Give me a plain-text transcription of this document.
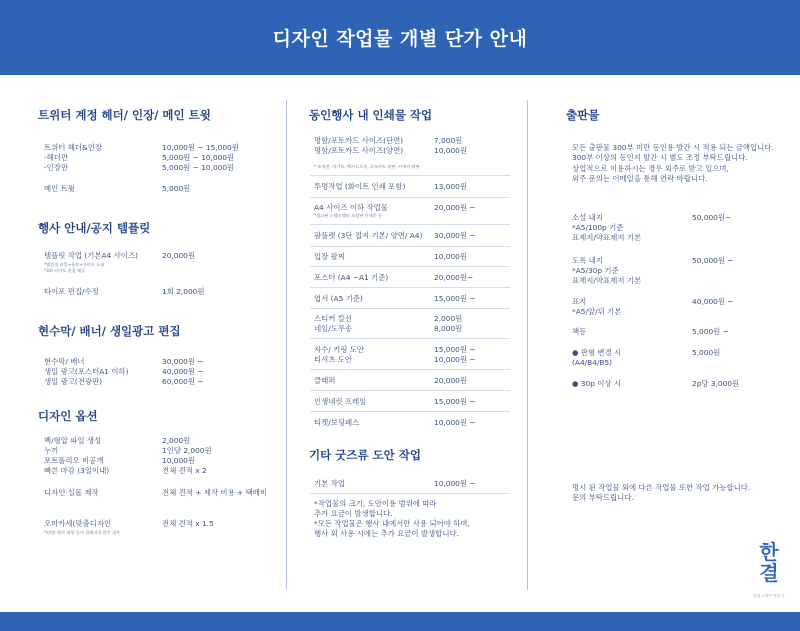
디자인 작업물 개별 단가 안내
트위터 계정 헤더/ 인장/ 메인 트윗
트위터 헤더&인장	10,000원 ~ 15,000원
-헤더만	5,000원 ~ 10,000원
-인장만	5,000원 ~ 10,000원
메인 트윗	5,000원
행사 안내/공지 템플릿
템플릿 작업 (기본A4 사이즈)	20,000원
*템플릿 파일+폰트+가이드 포함
*3회 타이포 편집 제공
타이포 편집/수정	1회 2,000원
현수막/ 배너/ 생일광고 편집
현수막/ 배너	30,000원 ~
생일 광고(포스터A1 이하)	40,000원 ~
생일 광고(전광판)	60,000원 ~
디자인 옵션
벡/형압 파일 생성	2,000원
누끼	1인당 2,000원
포트폴리오 비공개	10,000원
빠른 마감 (3일이내)	전체 견적 x 2
디자인 실물 제작	전체 견적 + 제작 비용 + 택배비
오마카세(맞춤디자인	전체 견적 x 1.5
*따악/ 행사 방향 등이 결해지지 않은 경우
동인행사 내 인쇄물 작업
명함/포토카드 사이즈(단면)	7,000원
명함/포토카드 사이즈(양면)	10,000원
* 조정권, 마기토, 백커드로우, 포토카드 팔판, 카세카 팔판
투명작업 (화이트 인쇄 포함)	13,000원
A4 사이즈 이하 작업물	20,000원 ~
*접고판 스템프랠리 도장판 안내문 등
팜플렛 (3단 접지 기본/ 양면/ A4) 30,000원 ~
입장 팔찌	10,000원
포스터 (A4 ~A1 기준)	20,000원~
엽서 (A5 기준)	15,000원 ~
스티커 칼선	2,000원
네임/도무송	8,000원
자수/ 키링 도안	15,000원 ~
티셔츠 도안	10,000원 ~
클래퍼	20,000원
인생네컷 프레임	15,000원 ~
티켓/보딩패스	10,000원 ~
기타 굿즈류 도안 작업
기본 작업	10,000원 ~
*작업물의 크기, 도안이용 범위에 따라
추가 요금이 발생합니다.
*모든 작업물은 행사 내에서만 사용 되어야 하며,
행사 외 사용 시에는 추가 요금이 발생합니다.
출판물
모든 출판물 300부 미만 동인용 발간 시 적용 되는 금액입니다.
300부 이상의 동인지 발간 시 별도 조정 부탁드립니다.
상업적으로 이용하시는 경우 외주로 받고 있으며,
외주 문의는 이메일을 통해 연락 바랍니다.
소설 내지	50,000원~
*A5/100p 기준
표제지/약표제지 기본
도록 내지	50,000원 ~
*A5/30p 기준
표제지/약표제지 기본
표지	40,000원 ~
*A5/앞/뒤 기본
책등	5,000원 ~
● 판형 변경 시	5,000원
(A4/B4/B5)
● 30p 이상 시	2p당 3,000원
명시 된 작업물 외에 다른 작업물 또한 작업 가능합니다.
문의 부탁드립니다.
한
결
한결 디자인 작업 가
